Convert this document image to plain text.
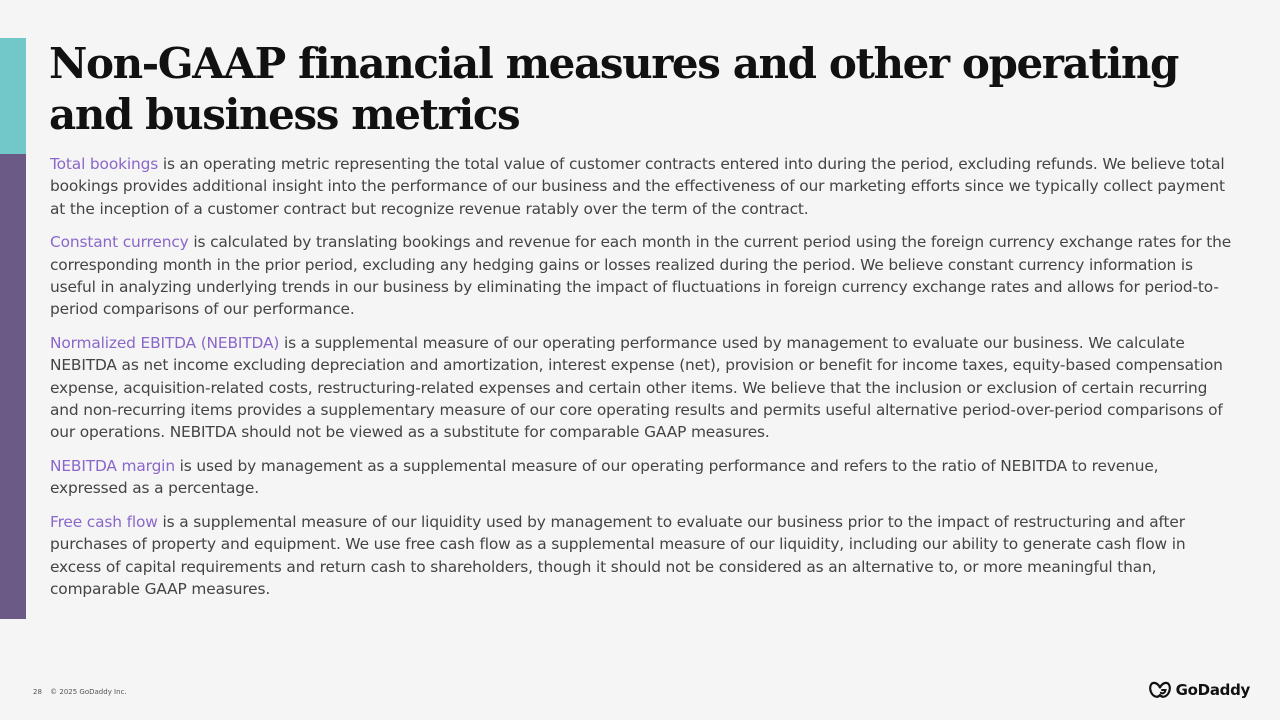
Non-GAAP financial measures and other operating and business metrics

Total bookings is an operating metric representing the total value of customer contracts entered into during the period, excluding refunds. We believe total bookings provides additional insight into the performance of our business and the effectiveness of our marketing efforts since we typically collect payment at the inception of a customer contract but recognize revenue ratably over the term of the contract.

Constant currency is calculated by translating bookings and revenue for each month in the current period using the foreign currency exchange rates for the corresponding month in the prior period, excluding any hedging gains or losses realized during the period. We believe constant currency information is useful in analyzing underlying trends in our business by eliminating the impact of fluctuations in foreign currency exchange rates and allows for period-to-period comparisons of our performance.

Normalized EBITDA (NEBITDA) is a supplemental measure of our operating performance used by management to evaluate our business. We calculate NEBITDA as net income excluding depreciation and amortization, interest expense (net), provision or benefit for income taxes, equity-based compensation expense, acquisition-related costs, restructuring-related expenses and certain other items. We believe that the inclusion or exclusion of certain recurring and non-recurring items provides a supplementary measure of our core operating results and permits useful alternative period-over-period comparisons of our operations. NEBITDA should not be viewed as a substitute for comparable GAAP measures.

NEBITDA margin is used by management as a supplemental measure of our operating performance and refers to the ratio of NEBITDA to revenue, expressed as a percentage.

Free cash flow is a supplemental measure of our liquidity used by management to evaluate our business prior to the impact of restructuring and after purchases of property and equipment. We use free cash flow as a supplemental measure of our liquidity, including our ability to generate cash flow in excess of capital requirements and return cash to shareholders, though it should not be considered as an alternative to, or more meaningful than, comparable GAAP measures.

28 © 2025 GoDaddy Inc.	GoDaddy
